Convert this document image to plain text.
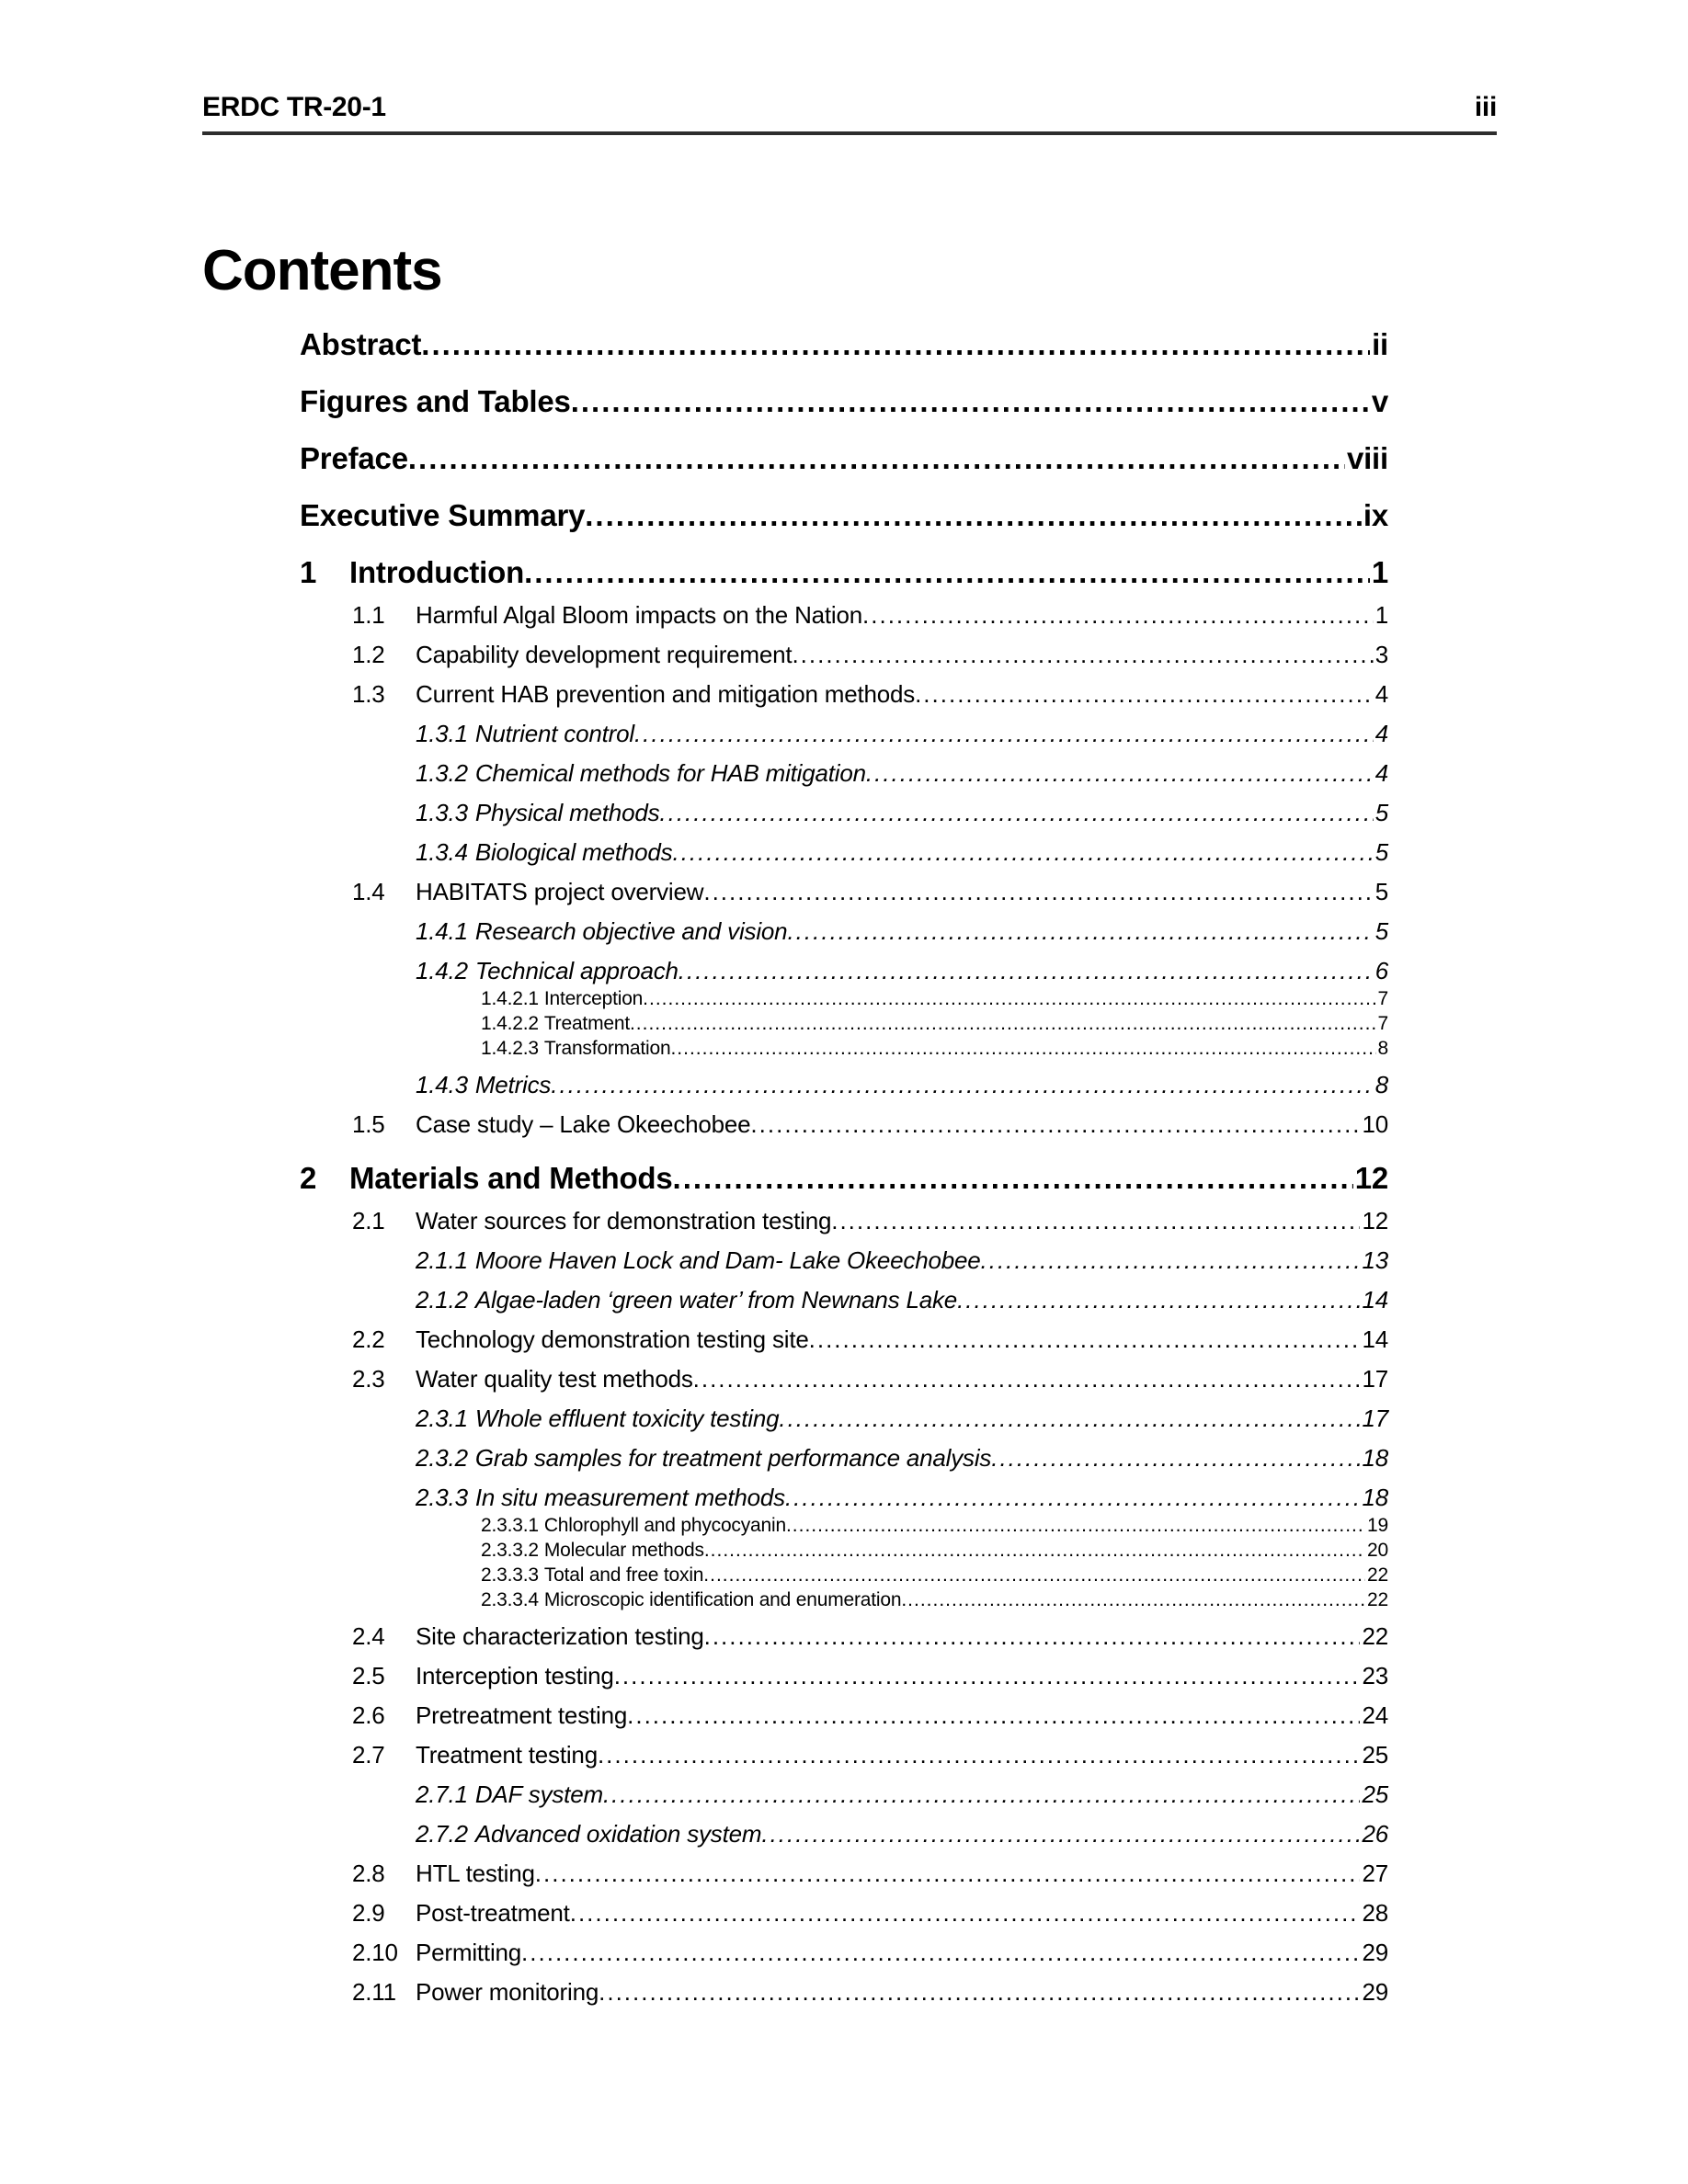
ERDC TR-20-1	iii
Contents
Abstract .....	ii
Figures and Tables .....	v
Preface .....	viii
Executive Summary .....	ix
1	Introduction .....	1
1.1	Harmful Algal Bloom impacts on the Nation .....	1
1.2	Capability development requirement .....	3
1.3	Current HAB prevention and mitigation methods .....	4
1.3.1 Nutrient control .....	4
1.3.2 Chemical methods for HAB mitigation .....	4
1.3.3 Physical methods .....	5
1.3.4 Biological methods .....	5
1.4	HABITATS project overview .....	5
1.4.1 Research objective and vision .....	5
1.4.2 Technical approach .....	6
1.4.2.1 Interception .....	7
1.4.2.2 Treatment .....	7
1.4.2.3 Transformation .....	8
1.4.3 Metrics .....	8
1.5	Case study – Lake Okeechobee .....	10
2	Materials and Methods .....	12
2.1	Water sources for demonstration testing .....	12
2.1.1 Moore Haven Lock and Dam- Lake Okeechobee .....	13
2.1.2 Algae-laden ‘green water’ from Newnans Lake .....	14
2.2	Technology demonstration testing site .....	14
2.3	Water quality test methods .....	17
2.3.1 Whole effluent toxicity testing .....	17
2.3.2 Grab samples for treatment performance analysis .....	18
2.3.3 In situ measurement methods .....	18
2.3.3.1 Chlorophyll and phycocyanin .....	19
2.3.3.2 Molecular methods .....	20
2.3.3.3 Total and free toxin .....	22
2.3.3.4 Microscopic identification and enumeration .....	22
2.4	Site characterization testing .....	22
2.5	Interception testing .....	23
2.6	Pretreatment testing .....	24
2.7	Treatment testing .....	25
2.7.1 DAF system .....	25
2.7.2 Advanced oxidation system .....	26
2.8	HTL testing .....	27
2.9	Post-treatment .....	28
2.10 Permitting .....	29
2.11 Power monitoring .....	29
